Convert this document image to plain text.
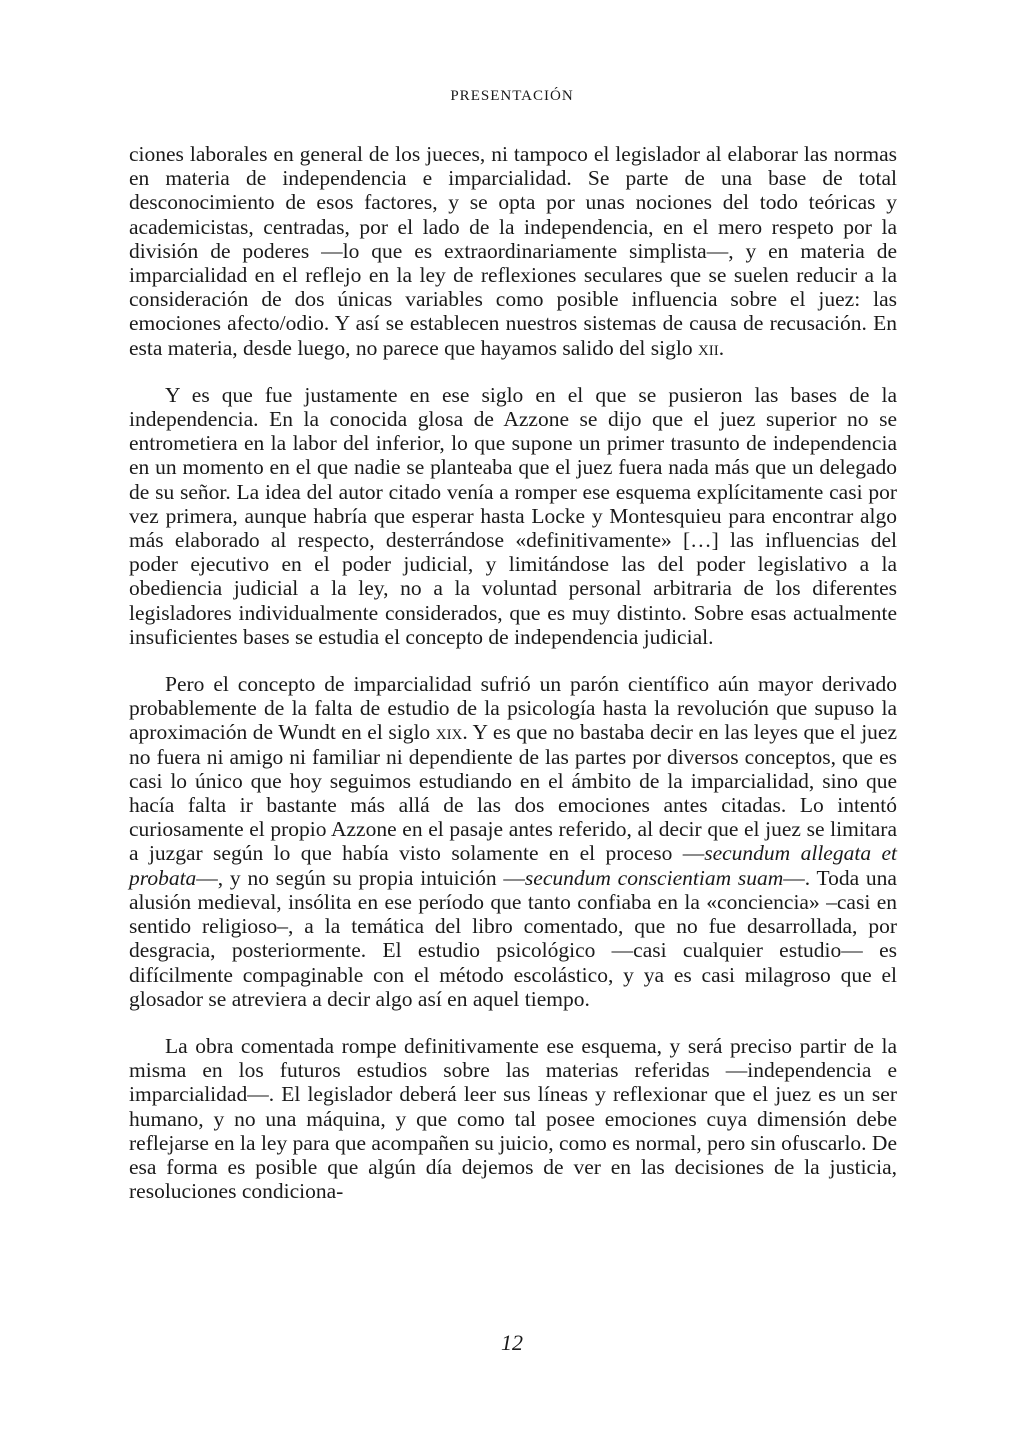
PRESENTACIÓN

ciones laborales en general de los jueces, ni tampoco el legislador al elaborar las normas en materia de independencia e imparcialidad. Se parte de una base de total desconocimiento de esos factores, y se opta por unas nociones del todo teóricas y academicistas, centradas, por el lado de la independencia, en el mero respeto por la división de poderes —lo que es extraordinariamente simplista—, y en materia de imparcialidad en el reflejo en la ley de reflexiones seculares que se suelen reducir a la consideración de dos únicas variables como posible influencia sobre el juez: las emociones afecto/odio. Y así se establecen nuestros sistemas de causa de recusación. En esta materia, desde luego, no parece que hayamos salido del siglo xii.

Y es que fue justamente en ese siglo en el que se pusieron las bases de la independencia. En la conocida glosa de Azzone se dijo que el juez superior no se entrometiera en la labor del inferior, lo que supone un primer trasunto de independencia en un momento en el que nadie se planteaba que el juez fuera nada más que un delegado de su señor. La idea del autor citado venía a romper ese esquema explícitamente casi por vez primera, aunque habría que esperar hasta Locke y Montesquieu para encontrar algo más elaborado al respecto, desterrándose «definitivamente» […] las influencias del poder ejecutivo en el poder judicial, y limitándose las del poder legislativo a la obediencia judicial a la ley, no a la voluntad personal arbitraria de los diferentes legisladores individualmente considerados, que es muy distinto. Sobre esas actualmente insuficientes bases se estudia el concepto de independencia judicial.

Pero el concepto de imparcialidad sufrió un parón científico aún mayor derivado probablemente de la falta de estudio de la psicología hasta la revolución que supuso la aproximación de Wundt en el siglo xix. Y es que no bastaba decir en las leyes que el juez no fuera ni amigo ni familiar ni dependiente de las partes por diversos conceptos, que es casi lo único que hoy seguimos estudiando en el ámbito de la imparcialidad, sino que hacía falta ir bastante más allá de las dos emociones antes citadas. Lo intentó curiosamente el propio Azzone en el pasaje antes referido, al decir que el juez se limitara a juzgar según lo que había visto solamente en el proceso —secundum allegata et probata—, y no según su propia intuición —secundum conscientiam suam—. Toda una alusión medieval, insólita en ese período que tanto confiaba en la «conciencia» –casi en sentido religioso–, a la temática del libro comentado, que no fue desarrollada, por desgracia, posteriormente. El estudio psicológico —casi cualquier estudio— es difícilmente compaginable con el método escolástico, y ya es casi milagroso que el glosador se atreviera a decir algo así en aquel tiempo.

La obra comentada rompe definitivamente ese esquema, y será preciso partir de la misma en los futuros estudios sobre las materias referidas —independencia e imparcialidad—. El legislador deberá leer sus líneas y reflexionar que el juez es un ser humano, y no una máquina, y que como tal posee emociones cuya dimensión debe reflejarse en la ley para que acompañen su juicio, como es normal, pero sin ofuscarlo. De esa forma es posible que algún día dejemos de ver en las decisiones de la justicia, resoluciones condiciona-

12
